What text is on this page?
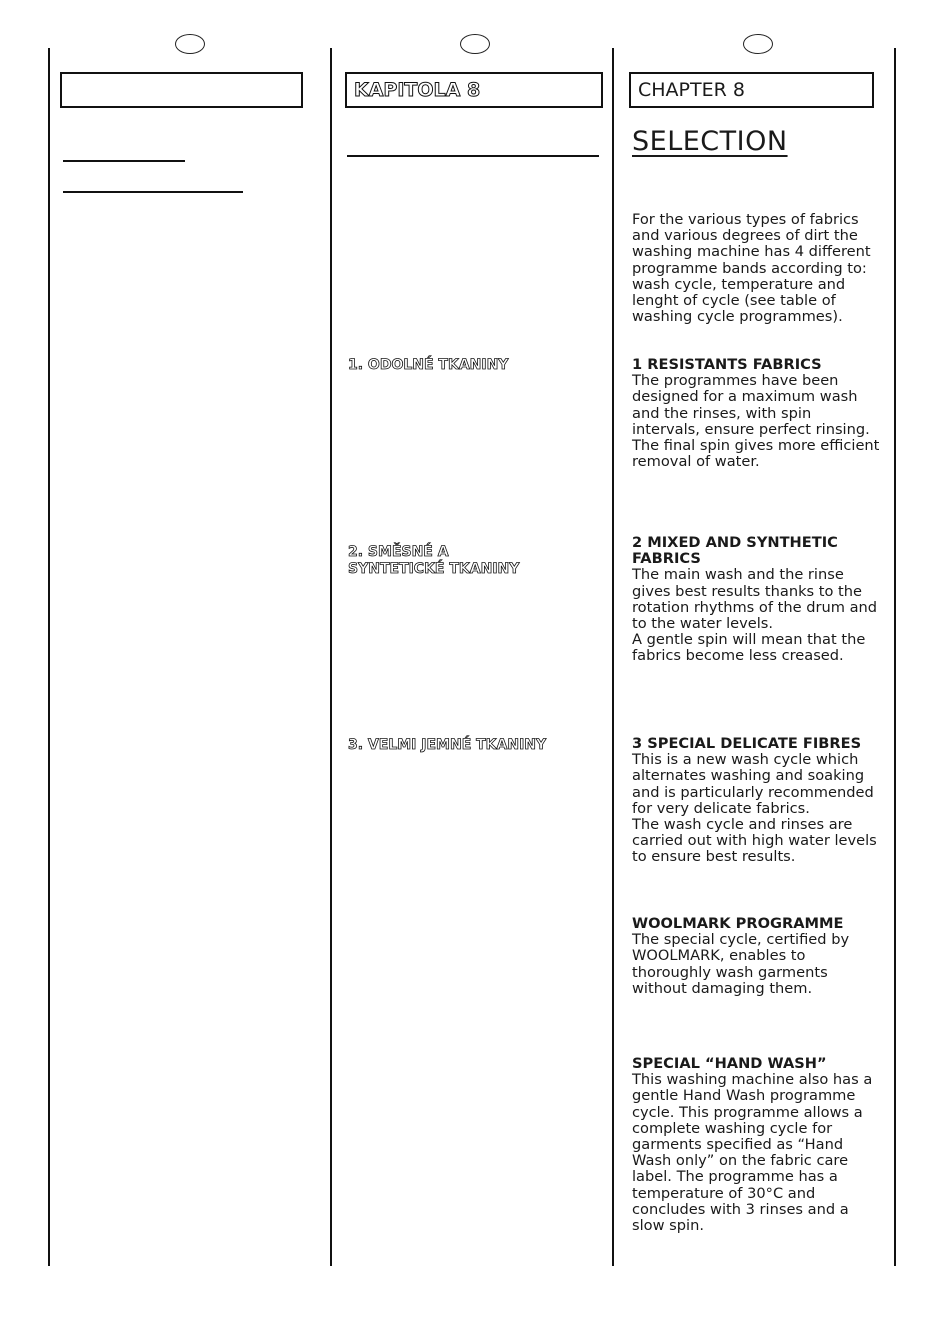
KAPITOLA 8	CHAPTER 8
SELECTION
1. ODOLNÉ TKANINY
2. SMĚSNÉ A SYNTETICKÉ TKANINY
3. VELMI JEMNÉ TKANINY

For the various types of fabrics and various degrees of dirt the washing machine has 4 different programme bands according to: wash cycle, temperature and lenght of cycle (see table of washing cycle programmes).

1 RESISTANTS FABRICS

The programmes have been designed for a maximum wash and the rinses, with spin intervals, ensure perfect rinsing. The final spin gives more efficient removal of water.

2 MIXED AND SYNTHETIC FABRICS

The main wash and the rinse gives best results thanks to the rotation rhythms of the drum and to the water levels.

A gentle spin will mean that the fabrics become less creased.

3 SPECIAL DELICATE FIBRES

This is a new wash cycle which alternates washing and soaking and is particularly recommended for very delicate fabrics.

The wash cycle and rinses are carried out with high water levels to ensure best results.

WOOLMARK PROGRAMME

The special cycle, certified by WOOLMARK, enables to thoroughly wash garments without damaging them.

SPECIAL “HAND WASH”

This washing machine also has a gentle Hand Wash programme cycle. This programme allows a complete washing cycle for garments specified as “Hand Wash only” on the fabric care label. The programme has a temperature of 30°C and concludes with 3 rinses and a slow spin.
